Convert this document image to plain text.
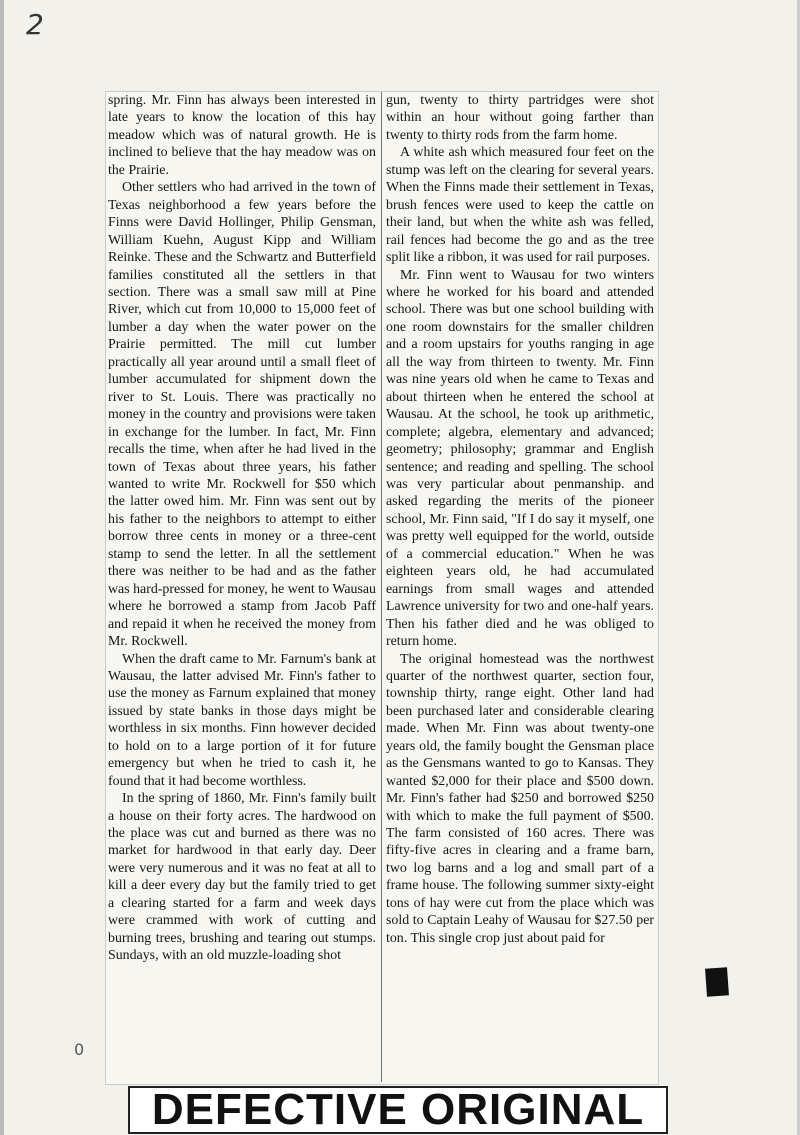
2

spring. Mr. Finn has always been interested in late years to know the location of this hay meadow which was of natural growth. He is inclined to believe that the hay meadow was on the Prairie.

Other settlers who had arrived in the town of Texas neighborhood a few years before the Finns were David Hollinger, Philip Gensman, William Kuehn, August Kipp and William Reinke. These and the Schwartz and Butterfield families constituted all the settlers in that section. There was a small saw mill at Pine River, which cut from 10,000 to 15,000 feet of lumber a day when the water power on the Prairie permitted. The mill cut lumber practically all year around until a small fleet of lumber accumulated for shipment down the river to St. Louis. There was practically no money in the country and provisions were taken in exchange for the lumber. In fact, Mr. Finn recalls the time, when after he had lived in the town of Texas about three years, his father wanted to write Mr. Rockwell for $50 which the latter owed him. Mr. Finn was sent out by his father to the neighbors to attempt to either borrow three cents in money or a three-cent stamp to send the letter. In all the settlement there was neither to be had and as the father was hard-pressed for money, he went to Wausau where he borrowed a stamp from Jacob Paff and repaid it when he received the money from Mr. Rockwell.

When the draft came to Mr. Farnum's bank at Wausau, the latter advised Mr. Finn's father to use the money as Farnum explained that money issued by state banks in those days might be worthless in six months. Finn however decided to hold on to a large portion of it for future emergency but when he tried to cash it, he found that it had become worthless.

In the spring of 1860, Mr. Finn's family built a house on their forty acres. The hardwood on the place was cut and burned as there was no market for hardwood in that early day. Deer were very numerous and it was no feat at all to kill a deer every day but the family tried to get a clearing started for a farm and week days were crammed with work of cutting and burning trees, brushing and tearing out stumps. Sundays, with an old muzzle-loading shot

gun, twenty to thirty partridges were shot within an hour without going farther than twenty to thirty rods from the farm home.

A white ash which measured four feet on the stump was left on the clearing for several years. When the Finns made their settlement in Texas, brush fences were used to keep the cattle on their land, but when the white ash was felled, rail fences had become the go and as the tree split like a ribbon, it was used for rail purposes.

Mr. Finn went to Wausau for two winters where he worked for his board and attended school. There was but one school building with one room downstairs for the smaller children and a room upstairs for youths ranging in age all the way from thirteen to twenty. Mr. Finn was nine years old when he came to Texas and about thirteen when he entered the school at Wausau. At the school, he took up arithmetic, complete; algebra, elementary and advanced; geometry; philosophy; grammar and English sentence; and reading and spelling. The school was very particular about penmanship. and asked regarding the merits of the pioneer school, Mr. Finn said, "If I do say it myself, one was pretty well equipped for the world, outside of a commercial education." When he was eighteen years old, he had accumulated earnings from small wages and attended Lawrence university for two and one-half years. Then his father died and he was obliged to return home.

The original homestead was the northwest quarter of the northwest quarter, section four, township thirty, range eight. Other land had been purchased later and considerable clearing made. When Mr. Finn was about twenty-one years old, the family bought the Gensman place as the Gensmans wanted to go to Kansas. They wanted $2,000 for their place and $500 down. Mr. Finn's father had $250 and borrowed $250 with which to make the full payment of $500. The farm consisted of 160 acres. There was fifty-five acres in clearing and a frame barn, two log barns and a log and small part of a frame house. The following summer sixty-eight tons of hay were cut from the place which was sold to Captain Leahy of Wausau for $27.50 per ton. This single crop just about paid for

0
DEFECTIVE ORIGINAL
